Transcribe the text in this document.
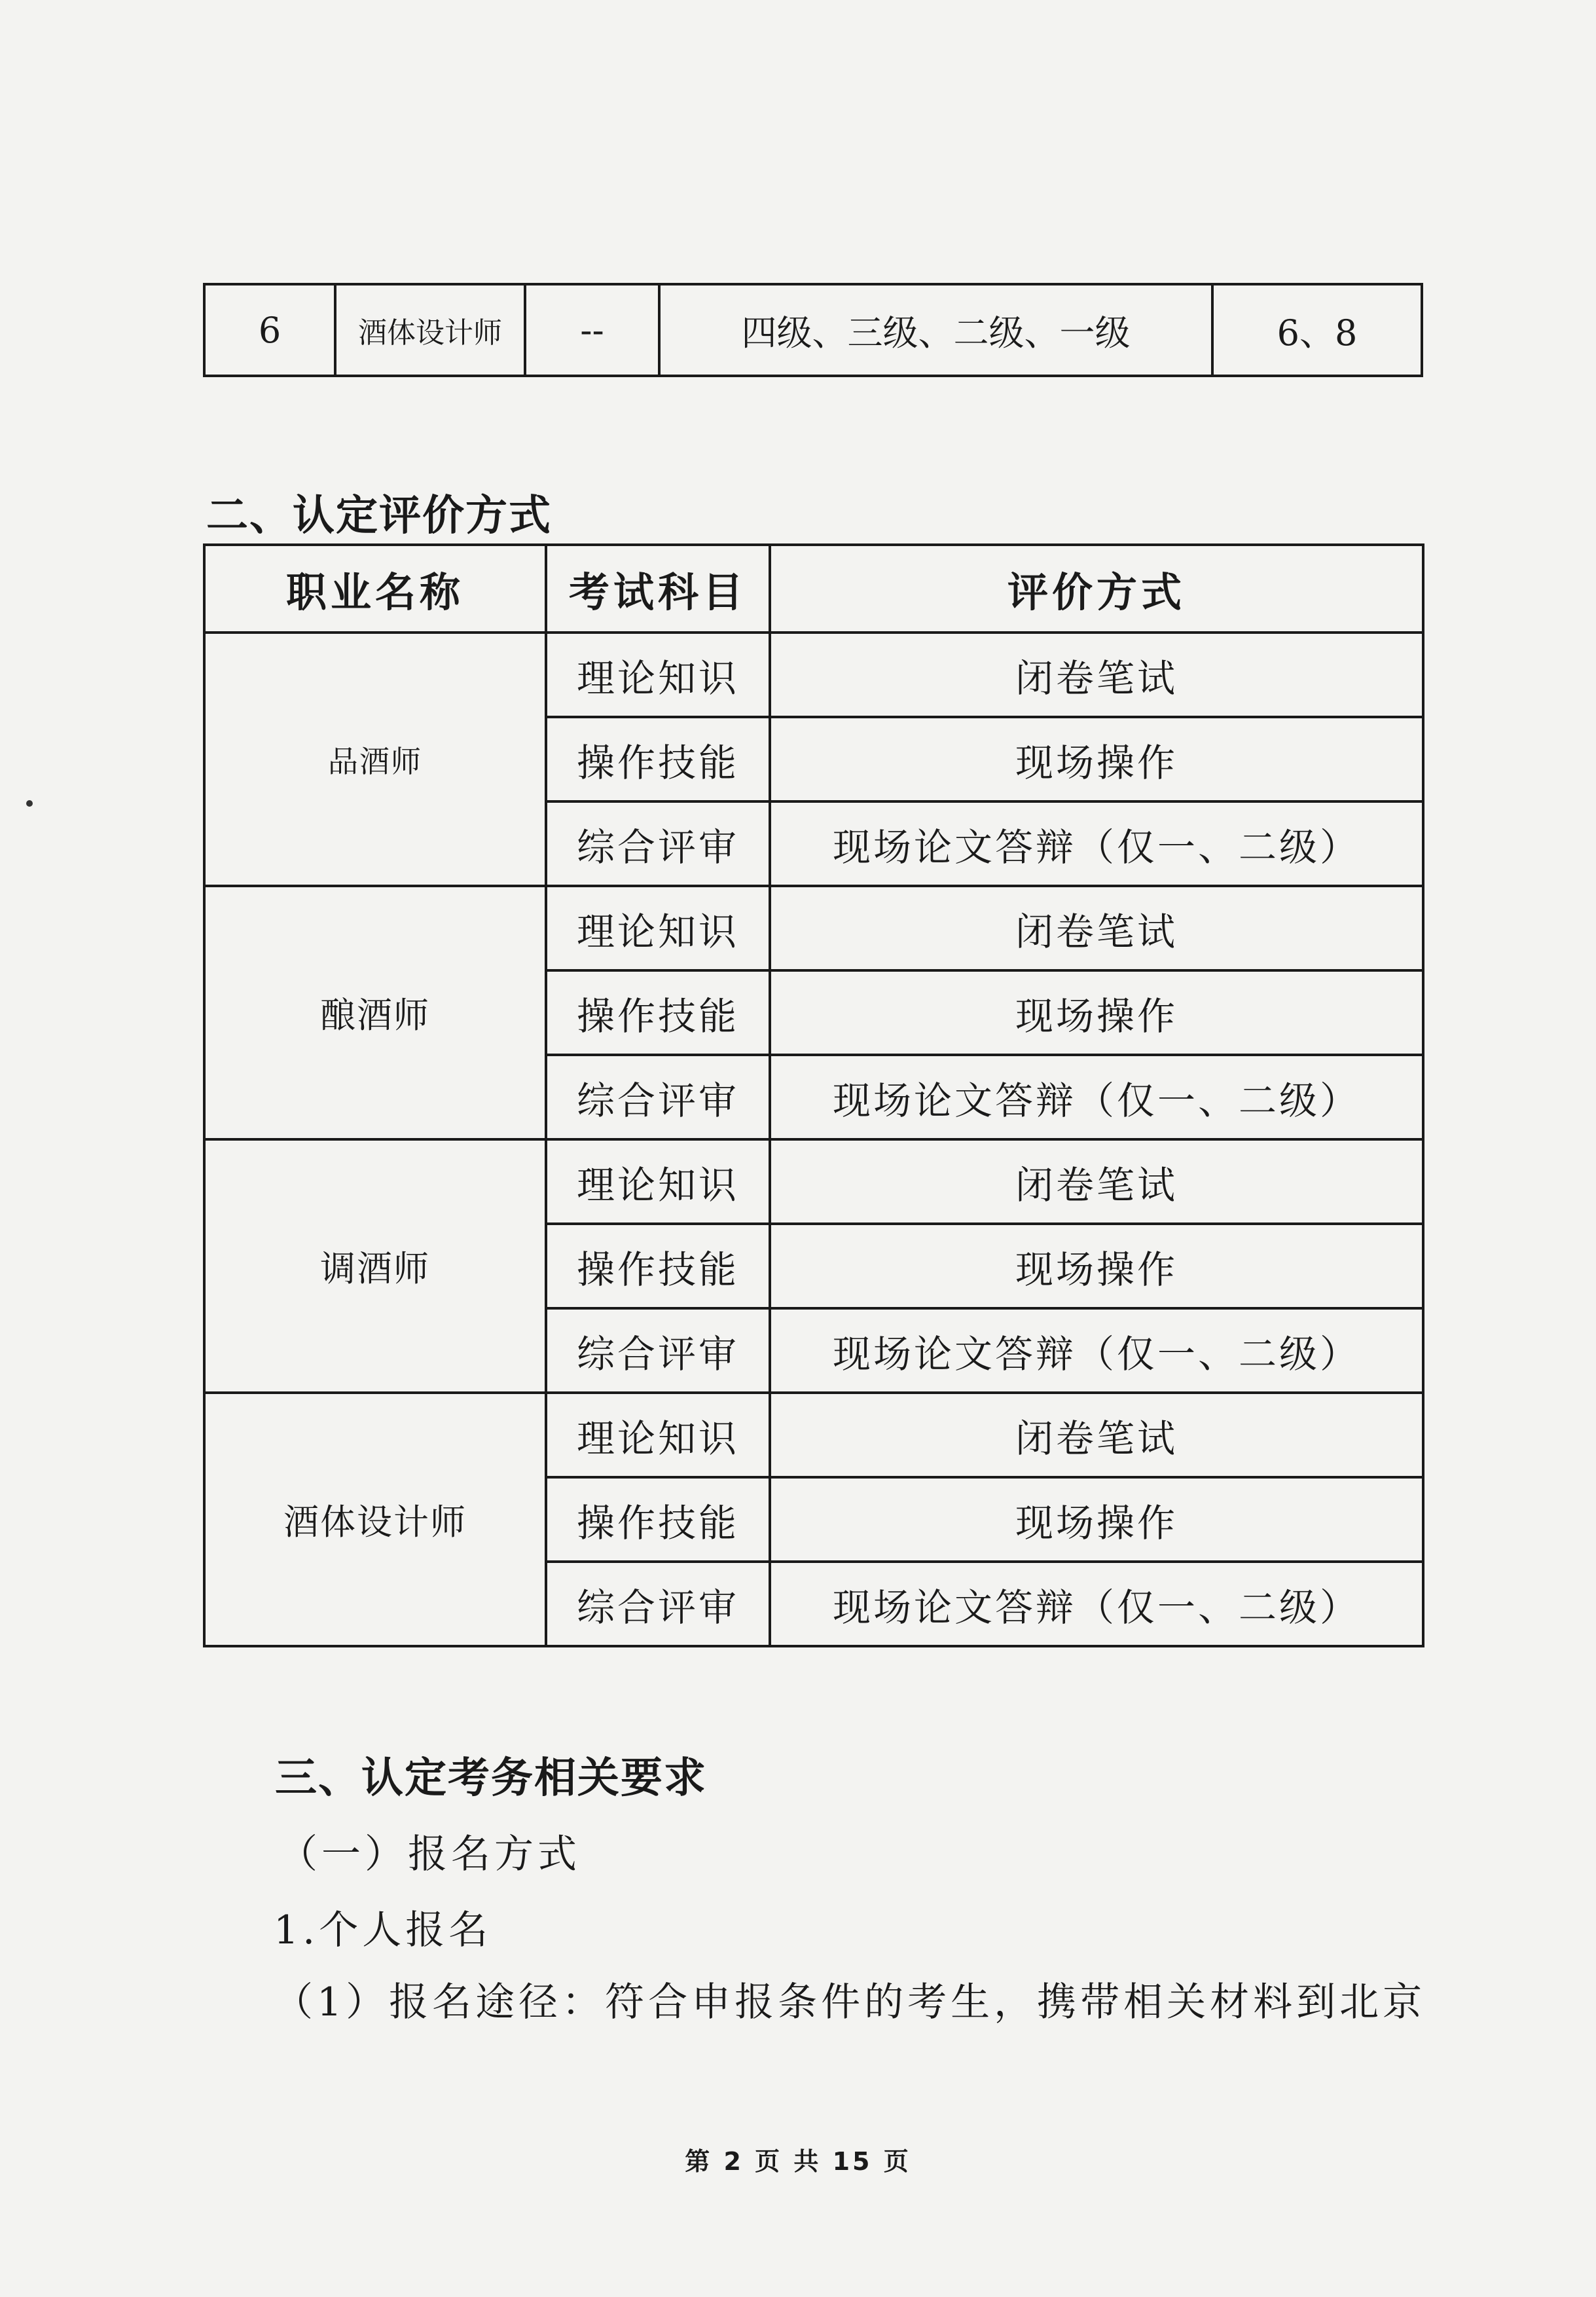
6	酒体设计师	--	四级、三级、二级、一级	6、8
二、认定评价方式
职业名称	考试科目	评价方式
品酒师	理论知识	闭卷笔试
	操作技能	现场操作
	综合评审	现场论文答辩（仅一、二级）
酿酒师	理论知识	闭卷笔试
	操作技能	现场操作
	综合评审	现场论文答辩（仅一、二级）
调酒师	理论知识	闭卷笔试
	操作技能	现场操作
	综合评审	现场论文答辩（仅一、二级）
酒体设计师	理论知识	闭卷笔试
	操作技能	现场操作
	综合评审	现场论文答辩（仅一、二级）
三、认定考务相关要求
（一）报名方式
1.个人报名
（1）报名途径：符合申报条件的考生，携带相关材料到北京
第 2 页 共 15 页
